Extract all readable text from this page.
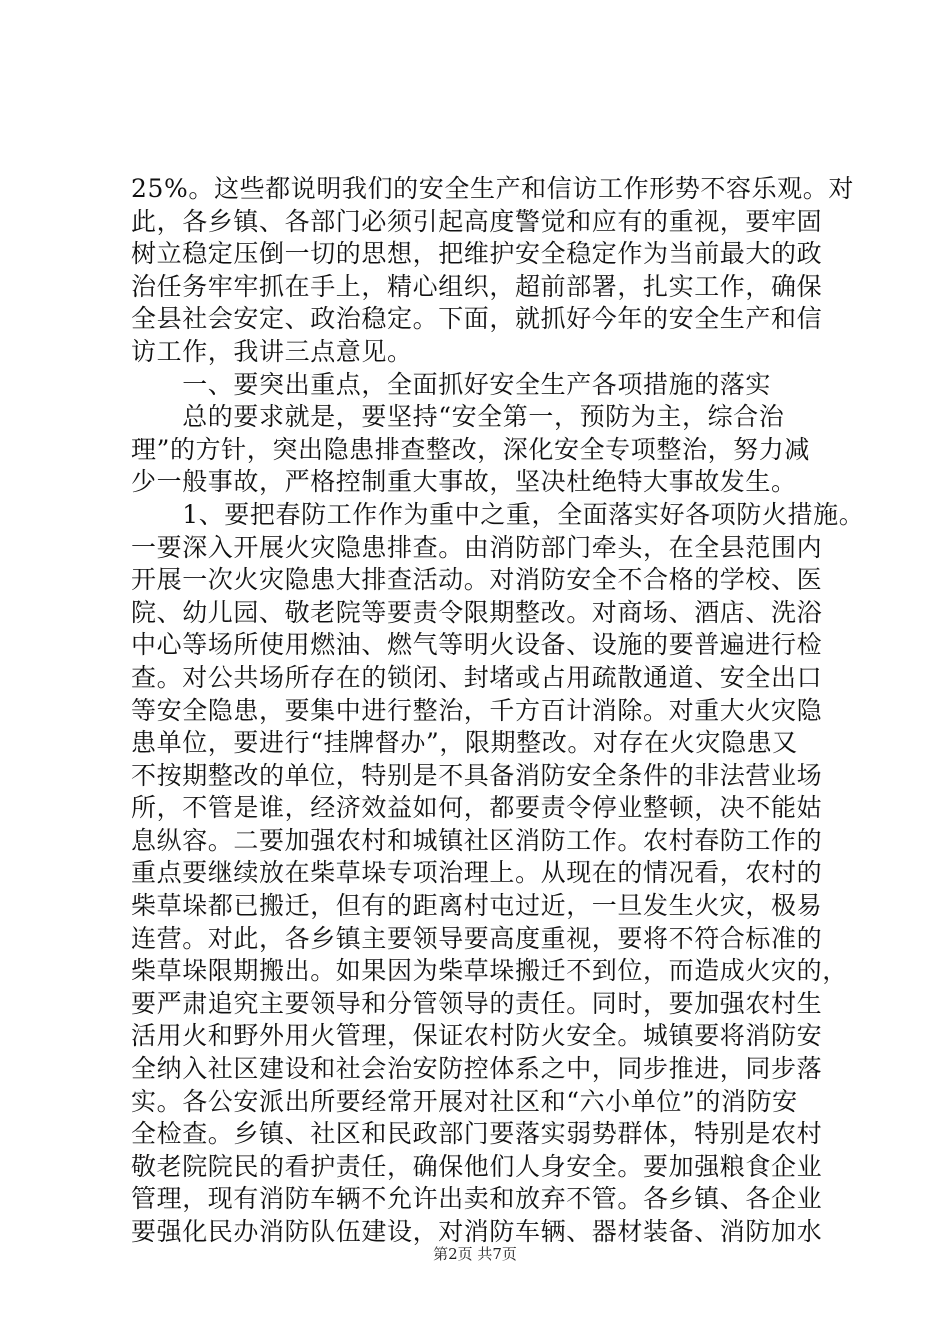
25%。这些都说明我们的安全生产和信访工作形势不容乐观。对
此，各乡镇、各部门必须引起高度警觉和应有的重视，要牢固
树立稳定压倒一切的思想，把维护安全稳定作为当前最大的政
治任务牢牢抓在手上，精心组织，超前部署，扎实工作，确保
全县社会安定、政治稳定。下面，就抓好今年的安全生产和信
访工作，我讲三点意见。
　　一、要突出重点，全面抓好安全生产各项措施的落实
　　总的要求就是，要坚持“安全第一，预防为主，综合治
理”的方针，突出隐患排查整改，深化安全专项整治，努力减
少一般事故，严格控制重大事故，坚决杜绝特大事故发生。
　　1、要把春防工作作为重中之重，全面落实好各项防火措施。
一要深入开展火灾隐患排查。由消防部门牵头，在全县范围内
开展一次火灾隐患大排查活动。对消防安全不合格的学校、医
院、幼儿园、敬老院等要责令限期整改。对商场、酒店、洗浴
中心等场所使用燃油、燃气等明火设备、设施的要普遍进行检
查。对公共场所存在的锁闭、封堵或占用疏散通道、安全出口
等安全隐患，要集中进行整治，千方百计消除。对重大火灾隐
患单位，要进行“挂牌督办”，限期整改。对存在火灾隐患又
不按期整改的单位，特别是不具备消防安全条件的非法营业场
所，不管是谁，经济效益如何，都要责令停业整顿，决不能姑
息纵容。二要加强农村和城镇社区消防工作。农村春防工作的
重点要继续放在柴草垛专项治理上。从现在的情况看，农村的
柴草垛都已搬迁，但有的距离村屯过近，一旦发生火灾，极易
连营。对此，各乡镇主要领导要高度重视，要将不符合标准的
柴草垛限期搬出。如果因为柴草垛搬迁不到位，而造成火灾的，
要严肃追究主要领导和分管领导的责任。同时，要加强农村生
活用火和野外用火管理，保证农村防火安全。城镇要将消防安
全纳入社区建设和社会治安防控体系之中，同步推进，同步落
实。各公安派出所要经常开展对社区和“六小单位”的消防安
全检查。乡镇、社区和民政部门要落实弱势群体，特别是农村
敬老院院民的看护责任，确保他们人身安全。要加强粮食企业
管理，现有消防车辆不允许出卖和放弃不管。各乡镇、各企业
要强化民办消防队伍建设，对消防车辆、器材装备、消防加水
第2页 共7页
